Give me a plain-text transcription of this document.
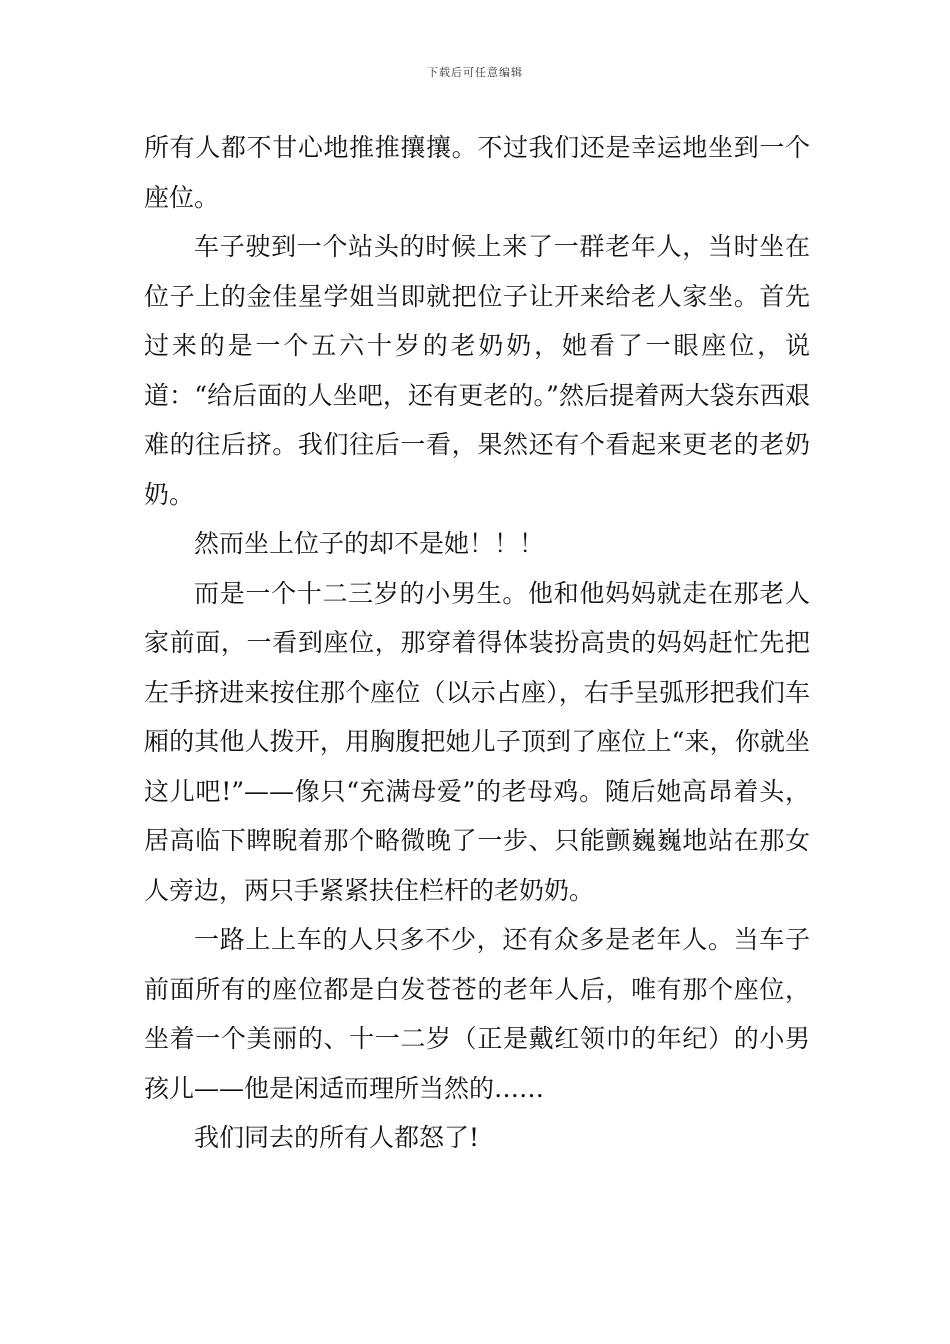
下载后可任意编辑

所有人都不甘心地推推攘攘。不过我们还是幸运地坐到一个座位。

车子驶到一个站头的时候上来了一群老年人，当时坐在位子上的金佳星学姐当即就把位子让开来给老人家坐。首先过来的是一个五六十岁的老奶奶，她看了一眼座位，说道：“给后面的人坐吧，还有更老的。”然后提着两大袋东西艰难的往后挤。我们往后一看，果然还有个看起来更老的老奶奶。

然而坐上位子的却不是她！！！

而是一个十二三岁的小男生。他和他妈妈就走在那老人家前面，一看到座位，那穿着得体装扮高贵的妈妈赶忙先把左手挤进来按住那个座位（以示占座），右手呈弧形把我们车厢的其他人拨开，用胸腹把她儿子顶到了座位上“来，你就坐这儿吧!”——像只“充满母爱”的老母鸡。随后她高昂着头，居高临下睥睨着那个略微晚了一步、只能颤巍巍地站在那女人旁边，两只手紧紧扶住栏杆的老奶奶。

一路上上车的人只多不少，还有众多是老年人。当车子前面所有的座位都是白发苍苍的老年人后，唯有那个座位，坐着一个美丽的、十一二岁（正是戴红领巾的年纪）的小男孩儿——他是闲适而理所当然的……

我们同去的所有人都怒了!
